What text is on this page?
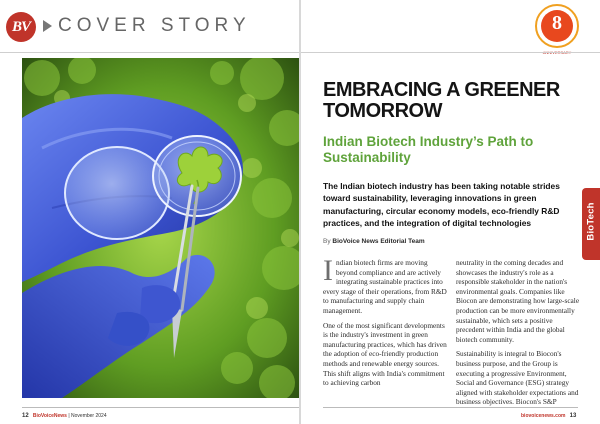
BV	COVER STORY
12 BioVoiceNews | November 2024
8
EMBRACING A GREENER TOMORROW
Indian Biotech Industry’s Path to Sustainability

The Indian biotech industry has been taking notable strides toward sustainability, leveraging innovations in green manufacturing, circular economy models, eco-friendly R&D practices, and the integration of digital technologies

By BioVoice News Editorial Team

Indian biotech firms are moving beyond compliance and are actively integrating sustainable practices into every stage of their operations, from R&D to manufacturing and supply chain management.

One of the most significant developments is the industry's investment in green manufacturing practices, which has driven the adoption of eco-friendly production methods and renewable energy sources. This shift aligns with India's commitment to achieving carbon

neutrality in the coming decades and showcases the industry's role as a responsible stakeholder in the nation's environmental goals. Companies like Biocon are demonstrating how large-scale production can be more environmentally sustainable, which sets a positive precedent within India and the global biotech community.

Sustainability is integral to Biocon's business purpose, and the Group is executing a progressive Environment, Social and Governance (ESG) strategy aligned with stakeholder expectations and business objectives. Biocon's S&P

BioTech
biovoicenews.com 13
